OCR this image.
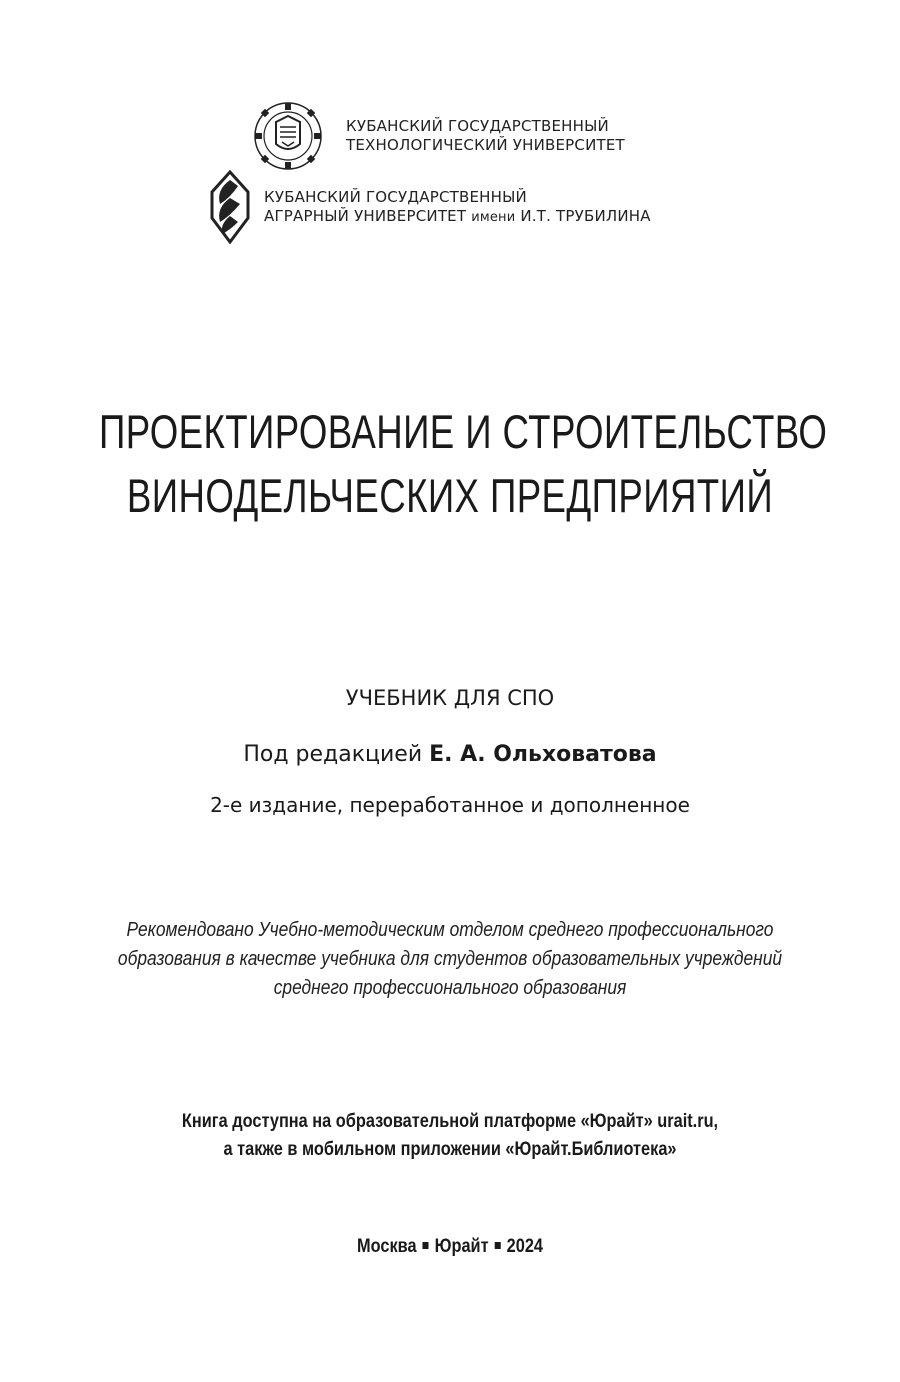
КУБАНСКИЙ ГОСУДАРСТВЕННЫЙ
ТЕХНОЛОГИЧЕСКИЙ УНИВЕРСИТЕТ
КУБАНСКИЙ ГОСУДАРСТВЕННЫЙ
АГРАРНЫЙ УНИВЕРСИТЕТ имени И.Т. ТРУБИЛИНА
ПРОЕКТИРОВАНИЕ И СТРОИТЕЛЬСТВО
ВИНОДЕЛЬЧЕСКИХ ПРЕДПРИЯТИЙ
УЧЕБНИК ДЛЯ СПО
Под редакцией Е. А. Ольховатова
2-е издание, переработанное и дополненное
Рекомендовано Учебно-методическим отделом среднего профессионального
образования в качестве учебника для студентов образовательных учреждений
среднего профессионального образования
Книга доступна на образовательной платформе «Юрайт» urait.ru,
а также в мобильном приложении «Юрайт.Библиотека»
Москва Юрайт 2024
